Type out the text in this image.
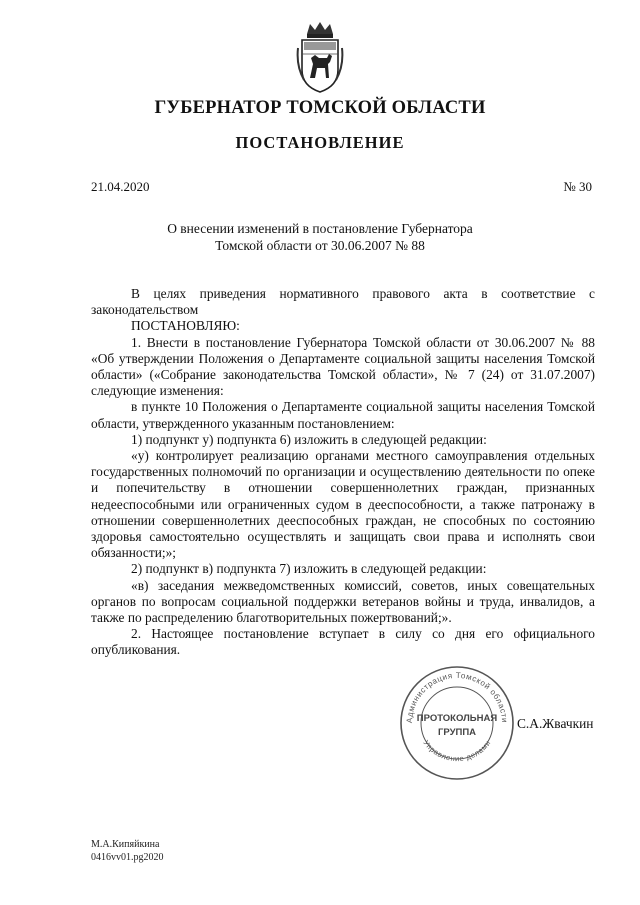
ГУБЕРНАТОР ТОМСКОЙ ОБЛАСТИ
ПОСТАНОВЛЕНИЕ
21.04.2020	№ 30
О внесении изменений в постановление Губернатора
Томской области от 30.06.2007 № 88

В целях приведения нормативного правового акта в соответствие с законодательством

ПОСТАНОВЛЯЮ:

1. Внести в постановление Губернатора Томской области от 30.06.2007 № 88 «Об утверждении Положения о Департаменте социальной защиты населения Томской области» («Собрание законодательства Томской области», № 7 (24) от 31.07.2007) следующие изменения:

в пункте 10 Положения о Департаменте социальной защиты населения Томской области, утвержденного указанным постановлением:

1) подпункт у) подпункта 6) изложить в следующей редакции:

«у) контролирует реализацию органами местного самоуправления отдельных государственных полномочий по организации и осуществлению деятельности по опеке и попечительству в отношении совершеннолетних граждан, признанных недееспособными или ограниченных судом в дееспособности, а также патронажу в отношении совершеннолетних дееспособных граждан, не способных по состоянию здоровья самостоятельно осуществлять и защищать свои права и исполнять свои обязанности;»;

2) подпункт в) подпункта 7) изложить в следующей редакции:

«в) заседания межведомственных комиссий, советов, иных совещательных органов по вопросам социальной поддержки ветеранов войны и труда, инвалидов, а также по распределению благотворительных пожертвований;».

2. Настоящее постановление вступает в силу со дня его официального опубликования.

Администрация Томской области
Управление делами
ПРОТОКОЛЬНАЯ
ГРУППА
С.А.Жвачкин
М.А.Кипяйкина
0416vv01.pg2020
